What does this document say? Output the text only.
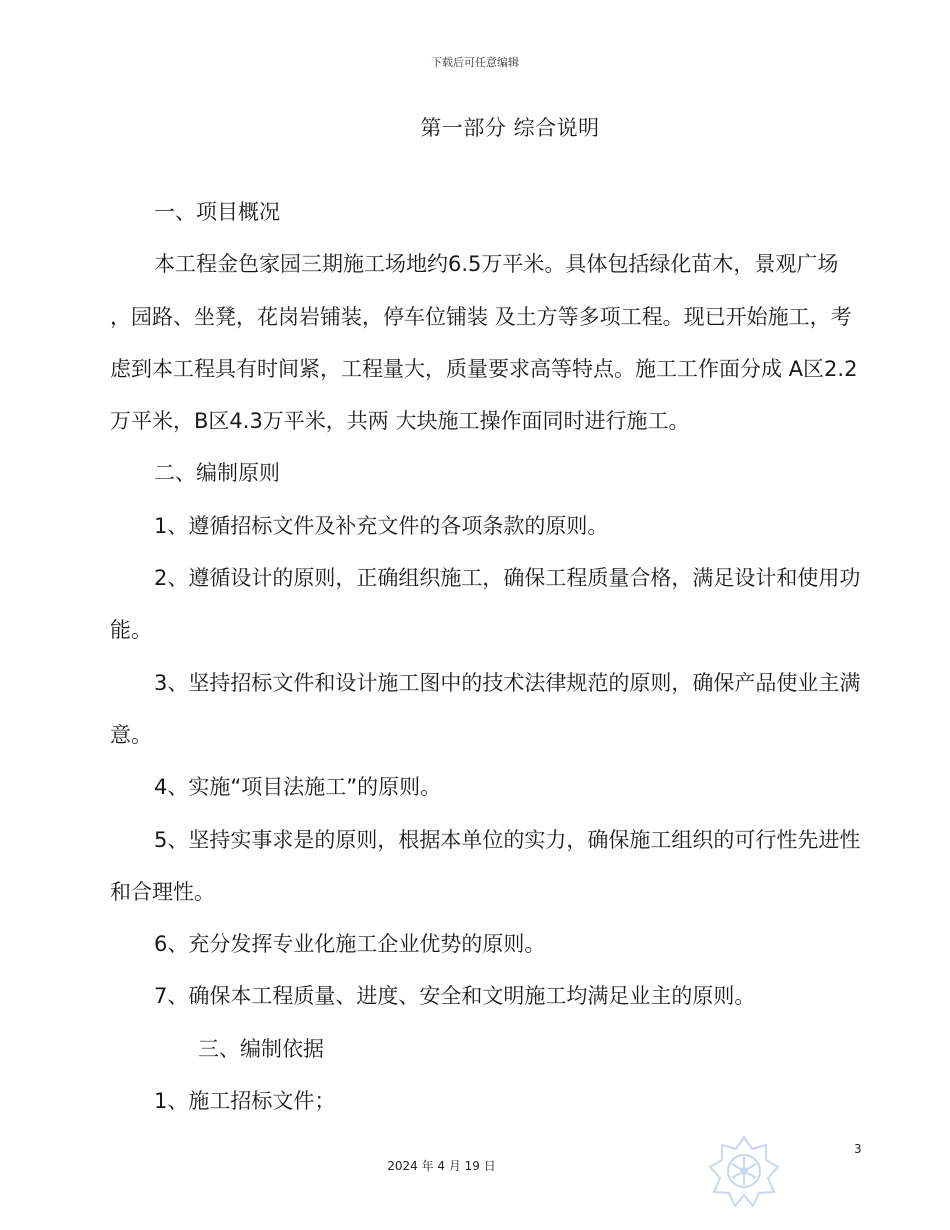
下载后可任意编辑
第一部分 综合说明

一、项目概况

本工程金色家园三期施工场地约6.5万平米。具体包括绿化苗木，景观广场 ，园路、坐凳，花岗岩铺装，停车位铺装 及土方等多项工程。现已开始施工，考虑到本工程具有时间紧，工程量大，质量要求高等特点。施工工作面分成 A区2.2万平米，B区4.3万平米，共两 大块施工操作面同时进行施工。

二、编制原则

1、遵循招标文件及补充文件的各项条款的原则。

2、遵循设计的原则，正确组织施工，确保工程质量合格，满足设计和使用功能。

3、坚持招标文件和设计施工图中的技术法律规范的原则，确保产品使业主满意。

4、实施“项目法施工”的原则。

5、坚持实事求是的原则，根据本单位的实力，确保施工组织的可行性先进性和合理性。

6、充分发挥专业化施工企业优势的原则。

7、确保本工程质量、进度、安全和文明施工均满足业主的原则。

三、编制依据

1、施工招标文件；

3
2024 年 4 月 19 日
